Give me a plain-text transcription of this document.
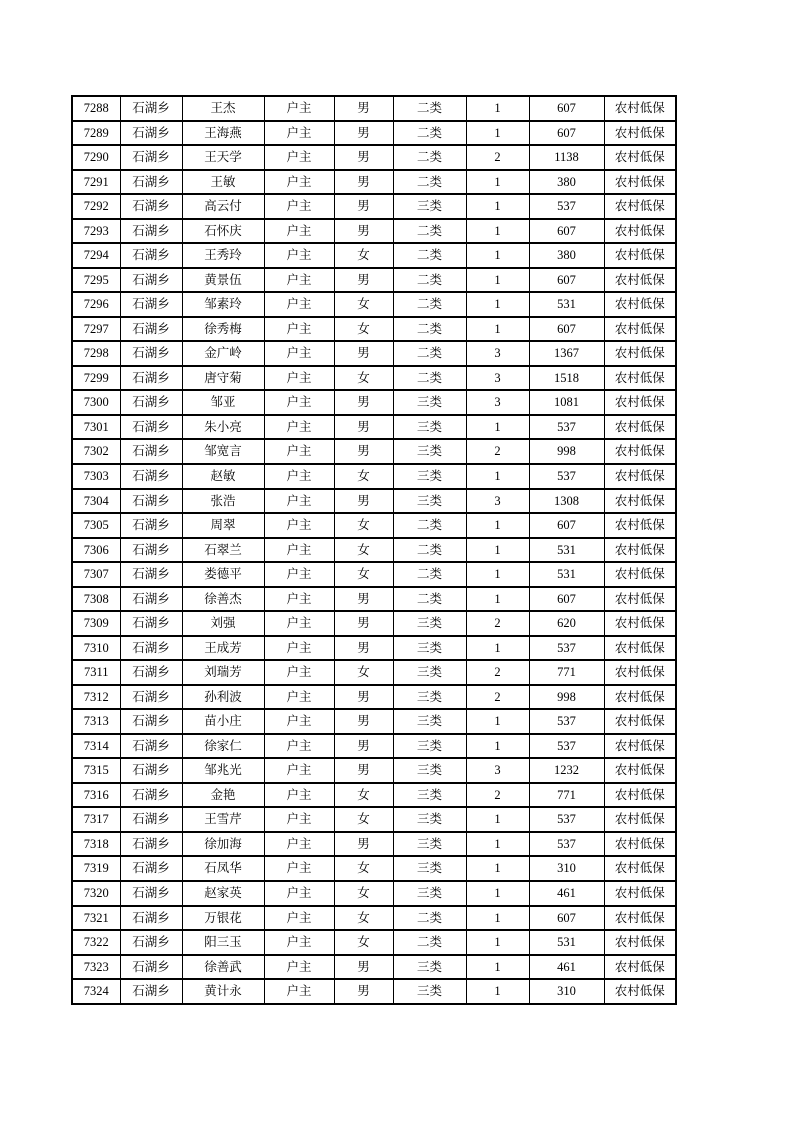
7288	石湖乡	王杰	户主	男	二类	1	607	农村低保
7289	石湖乡	王海燕	户主	男	二类	1	607	农村低保
7290	石湖乡	王天学	户主	男	二类	2	1138	农村低保
7291	石湖乡	王敏	户主	男	二类	1	380	农村低保
7292	石湖乡	高云付	户主	男	三类	1	537	农村低保
7293	石湖乡	石怀庆	户主	男	二类	1	607	农村低保
7294	石湖乡	王秀玲	户主	女	二类	1	380	农村低保
7295	石湖乡	黄景伍	户主	男	二类	1	607	农村低保
7296	石湖乡	邹素玲	户主	女	二类	1	531	农村低保
7297	石湖乡	徐秀梅	户主	女	二类	1	607	农村低保
7298	石湖乡	金广岭	户主	男	二类	3	1367	农村低保
7299	石湖乡	唐守菊	户主	女	二类	3	1518	农村低保
7300	石湖乡	邹亚	户主	男	三类	3	1081	农村低保
7301	石湖乡	朱小亮	户主	男	三类	1	537	农村低保
7302	石湖乡	邹宽言	户主	男	三类	2	998	农村低保
7303	石湖乡	赵敏	户主	女	三类	1	537	农村低保
7304	石湖乡	张浩	户主	男	三类	3	1308	农村低保
7305	石湖乡	周翠	户主	女	二类	1	607	农村低保
7306	石湖乡	石翠兰	户主	女	二类	1	531	农村低保
7307	石湖乡	娄德平	户主	女	二类	1	531	农村低保
7308	石湖乡	徐善杰	户主	男	二类	1	607	农村低保
7309	石湖乡	刘强	户主	男	三类	2	620	农村低保
7310	石湖乡	王成芳	户主	男	三类	1	537	农村低保
7311	石湖乡	刘瑞芳	户主	女	三类	2	771	农村低保
7312	石湖乡	孙利波	户主	男	三类	2	998	农村低保
7313	石湖乡	苗小庄	户主	男	三类	1	537	农村低保
7314	石湖乡	徐家仁	户主	男	三类	1	537	农村低保
7315	石湖乡	邹兆光	户主	男	三类	3	1232	农村低保
7316	石湖乡	金艳	户主	女	三类	2	771	农村低保
7317	石湖乡	王雪芹	户主	女	三类	1	537	农村低保
7318	石湖乡	徐加海	户主	男	三类	1	537	农村低保
7319	石湖乡	石凤华	户主	女	三类	1	310	农村低保
7320	石湖乡	赵家英	户主	女	三类	1	461	农村低保
7321	石湖乡	万银花	户主	女	二类	1	607	农村低保
7322	石湖乡	阳三玉	户主	女	二类	1	531	农村低保
7323	石湖乡	徐善武	户主	男	三类	1	461	农村低保
7324	石湖乡	黄计永	户主	男	三类	1	310	农村低保
